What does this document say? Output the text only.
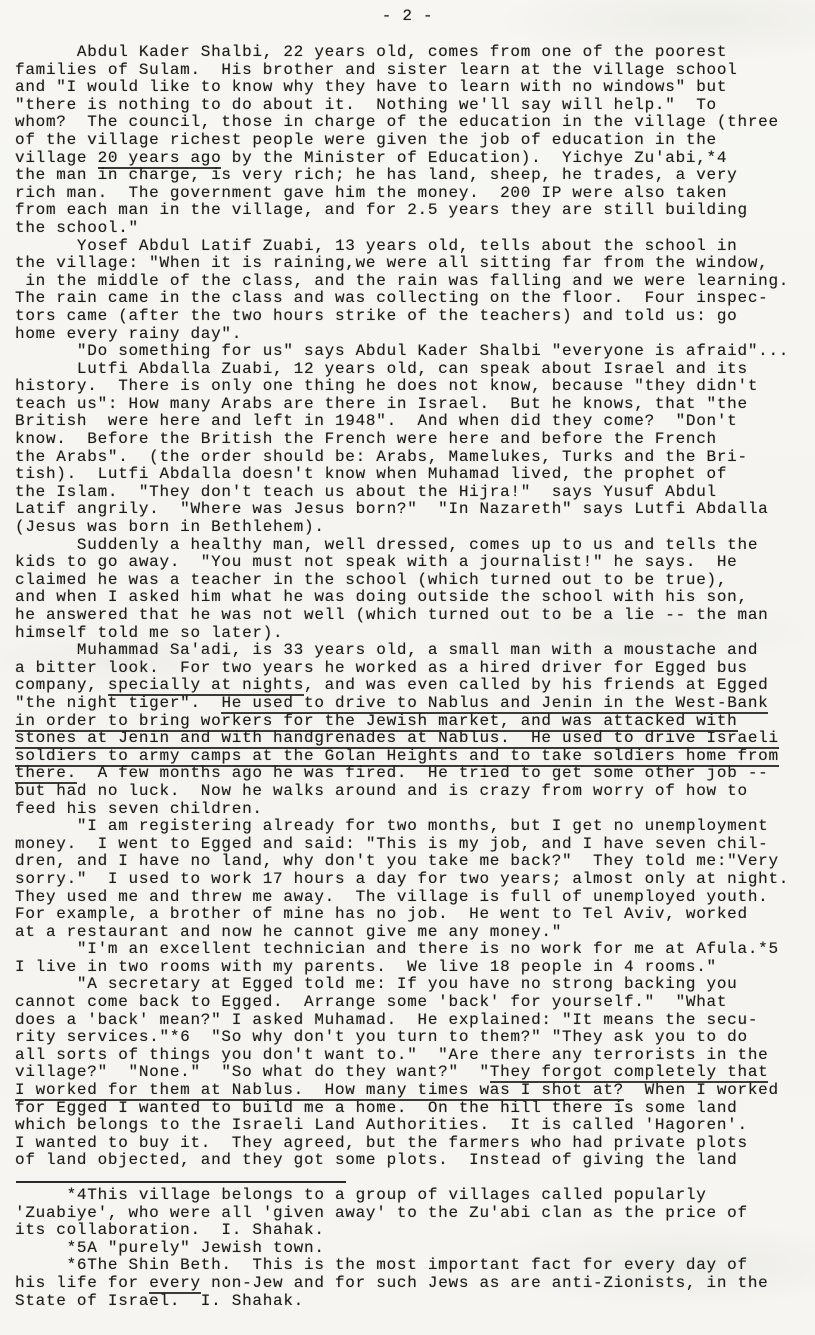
- 2 -
Abdul Kader Shalbi, 22 years old, comes from one of the poorest
families of Sulam.  His brother and sister learn at the village school
and "I would like to know why they have to learn with no windows" but
"there is nothing to do about it.  Nothing we'll say will help."  To
whom?  The council, those in charge of the education in the village (three
of the village richest people were given the job of education in the
village 20 years ago by the Minister of Education).  Yichye Zu'abi,*4
the man in charge, is very rich; he has land, sheep, he trades, a very
rich man.  The government gave him the money.  200 IP were also taken
from each man in the village, and for 2.5 years they are still building
the school."
Yosef Abdul Latif Zuabi, 13 years old, tells about the school in
the village: "When it is raining,we were all sitting far from the window,
in the middle of the class, and the rain was falling and we were learning.
The rain came in the class and was collecting on the floor.  Four inspec-
tors came (after the two hours strike of the teachers) and told us: go
home every rainy day".
"Do something for us" says Abdul Kader Shalbi "everyone is afraid"...
Lutfi Abdalla Zuabi, 12 years old, can speak about Israel and its
history.  There is only one thing he does not know, because "they didn't
teach us": How many Arabs are there in Israel.  But he knows, that "the
British  were here and left in 1948".  And when did they come?  "Don't
know.  Before the British the French were here and before the French
the Arabs".  (the order should be: Arabs, Mamelukes, Turks and the Bri-
tish).  Lutfi Abdalla doesn't know when Muhamad lived, the prophet of
the Islam.  "They don't teach us about the Hijra!"  says Yusuf Abdul
Latif angrily.  "Where was Jesus born?"  "In Nazareth" says Lutfi Abdalla
(Jesus was born in Bethlehem).
Suddenly a healthy man, well dressed, comes up to us and tells the
kids to go away.  "You must not speak with a journalist!" he says.  He
claimed he was a teacher in the school (which turned out to be true),
and when I asked him what he was doing outside the school with his son,
he answered that he was not well (which turned out to be a lie -- the man
himself told me so later).
Muhammad Sa'adi, is 33 years old, a small man with a moustache and
a bitter look.  For two years he worked as a hired driver for Egged bus
company, specially at nights, and was even called by his friends at Egged
"the night tiger".  He used to drive to Nablus and Jenin in the West-Bank
in order to bring workers for the Jewish market, and was attacked with
stones at Jenin and with handgrenades at Nablus.  He used to drive Israeli
soldiers to army camps at the Golan Heights and to take soldiers home from
there.  A few months ago he was fired.  He tried to get some other job --
but had no luck.  Now he walks around and is crazy from worry of how to
feed his seven children.
"I am registering already for two months, but I get no unemployment
money.  I went to Egged and said: "This is my job, and I have seven chil-
dren, and I have no land, why don't you take me back?"  They told me:"Very
sorry."  I used to work 17 hours a day for two years; almost only at night.
They used me and threw me away.  The village is full of unemployed youth.
For example, a brother of mine has no job.  He went to Tel Aviv, worked
at a restaurant and now he cannot give me any money."
"I'm an excellent technician and there is no work for me at Afula.*5
I live in two rooms with my parents.  We live 18 people in 4 rooms."
"A secretary at Egged told me: If you have no strong backing you
cannot come back to Egged.  Arrange some 'back' for yourself."  "What
does a 'back' mean?" I asked Muhamad.  He explained: "It means the secu-
rity services."*6  "So why don't you turn to them?" "They ask you to do
all sorts of things you don't want to."  "Are there any terrorists in the
village?"  "None."  "So what do they want?"  "They forgot completely that
I worked for them at Nablus.  How many times was I shot at?  When I worked
for Egged I wanted to build me a home.  On the hill there is some land
which belongs to the Israeli Land Authorities.  It is called 'Hagoren'.
I wanted to buy it.  They agreed, but the farmers who had private plots
of land objected, and they got some plots.  Instead of giving the land
*4This village belongs to a group of villages called popularly
'Zuabiye', who were all 'given away' to the Zu'abi clan as the price of
its collaboration.  I. Shahak.
*5A "purely" Jewish town.
*6The Shin Beth.  This is the most important fact for every day of
his life for every non-Jew and for such Jews as are anti-Zionists, in the
State of Israel.  I. Shahak.
